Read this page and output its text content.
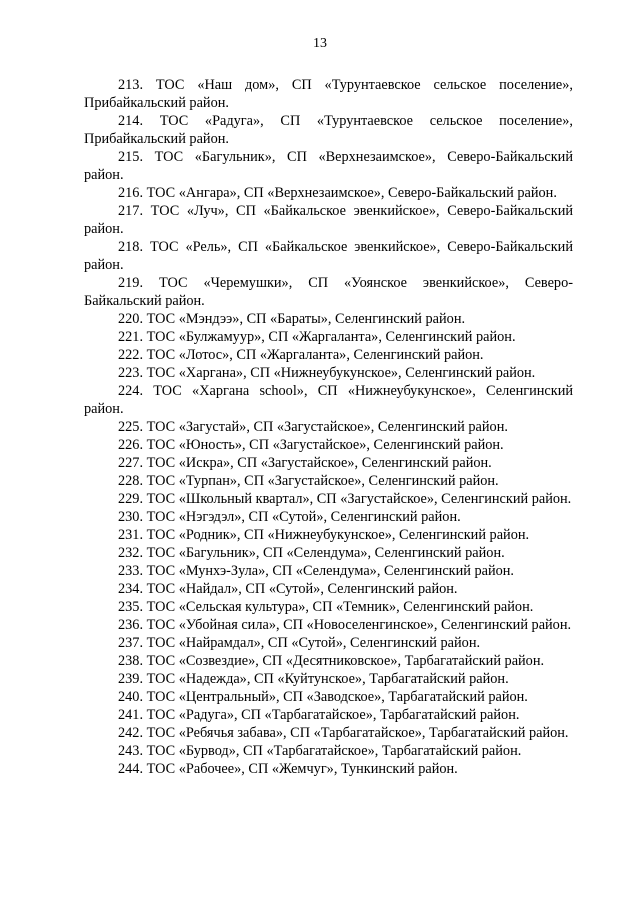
13
213. ТОС «Наш дом», СП «Турунтаевское сельское поселение», Прибайкальский район.
214. ТОС «Радуга», СП «Турунтаевское сельское поселение», Прибайкальский район.
215. ТОС «Багульник», СП «Верхнезаимское», Северо-Байкальский район.
216. ТОС «Ангара», СП «Верхнезаимское», Северо-Байкальский район.
217. ТОС «Луч», СП «Байкальское эвенкийское», Северо-Байкальский район.
218. ТОС «Рель», СП «Байкальское эвенкийское», Северо-Байкальский район.
219. ТОС «Черемушки», СП «Уоянское эвенкийское», Северо-Байкальский район.
220. ТОС «Мэндээ», СП «Бараты», Селенгинский район.
221. ТОС «Булжамуур», СП «Жаргаланта», Селенгинский район.
222. ТОС «Лотос», СП «Жаргаланта», Селенгинский район.
223. ТОС «Харгана», СП «Нижнеубукунское», Селенгинский район.
224. ТОС «Харгана school», СП «Нижнеубукунское», Селенгинский район.
225. ТОС «Загустай», СП «Загустайское», Селенгинский район.
226. ТОС «Юность», СП «Загустайское», Селенгинский район.
227. ТОС «Искра», СП «Загустайское», Селенгинский район.
228. ТОС «Турпан», СП «Загустайское», Селенгинский район.
229. ТОС «Школьный квартал», СП «Загустайское», Селенгинский район.
230. ТОС «Нэгэдэл», СП «Сутой», Селенгинский район.
231. ТОС «Родник», СП «Нижнеубукунское», Селенгинский район.
232. ТОС «Багульник», СП «Селендума», Селенгинский район.
233. ТОС «Мунхэ-Зула», СП «Селендума», Селенгинский район.
234. ТОС «Найдал», СП «Сутой», Селенгинский район.
235. ТОС «Сельская культура», СП «Темник», Селенгинский район.
236. ТОС «Убойная сила», СП «Новоселенгинское», Селенгинский район.
237. ТОС «Найрамдал», СП «Сутой», Селенгинский район.
238. ТОС «Созвездие», СП «Десятниковское», Тарбагатайский район.
239. ТОС «Надежда», СП «Куйтунское», Тарбагатайский район.
240. ТОС «Центральный», СП «Заводское», Тарбагатайский район.
241. ТОС «Радуга», СП «Тарбагатайское», Тарбагатайский район.
242. ТОС «Ребячья забава», СП «Тарбагатайское», Тарбагатайский район.
243. ТОС «Бурвод», СП «Тарбагатайское», Тарбагатайский район.
244. ТОС «Рабочее», СП «Жемчуг», Тункинский район.
